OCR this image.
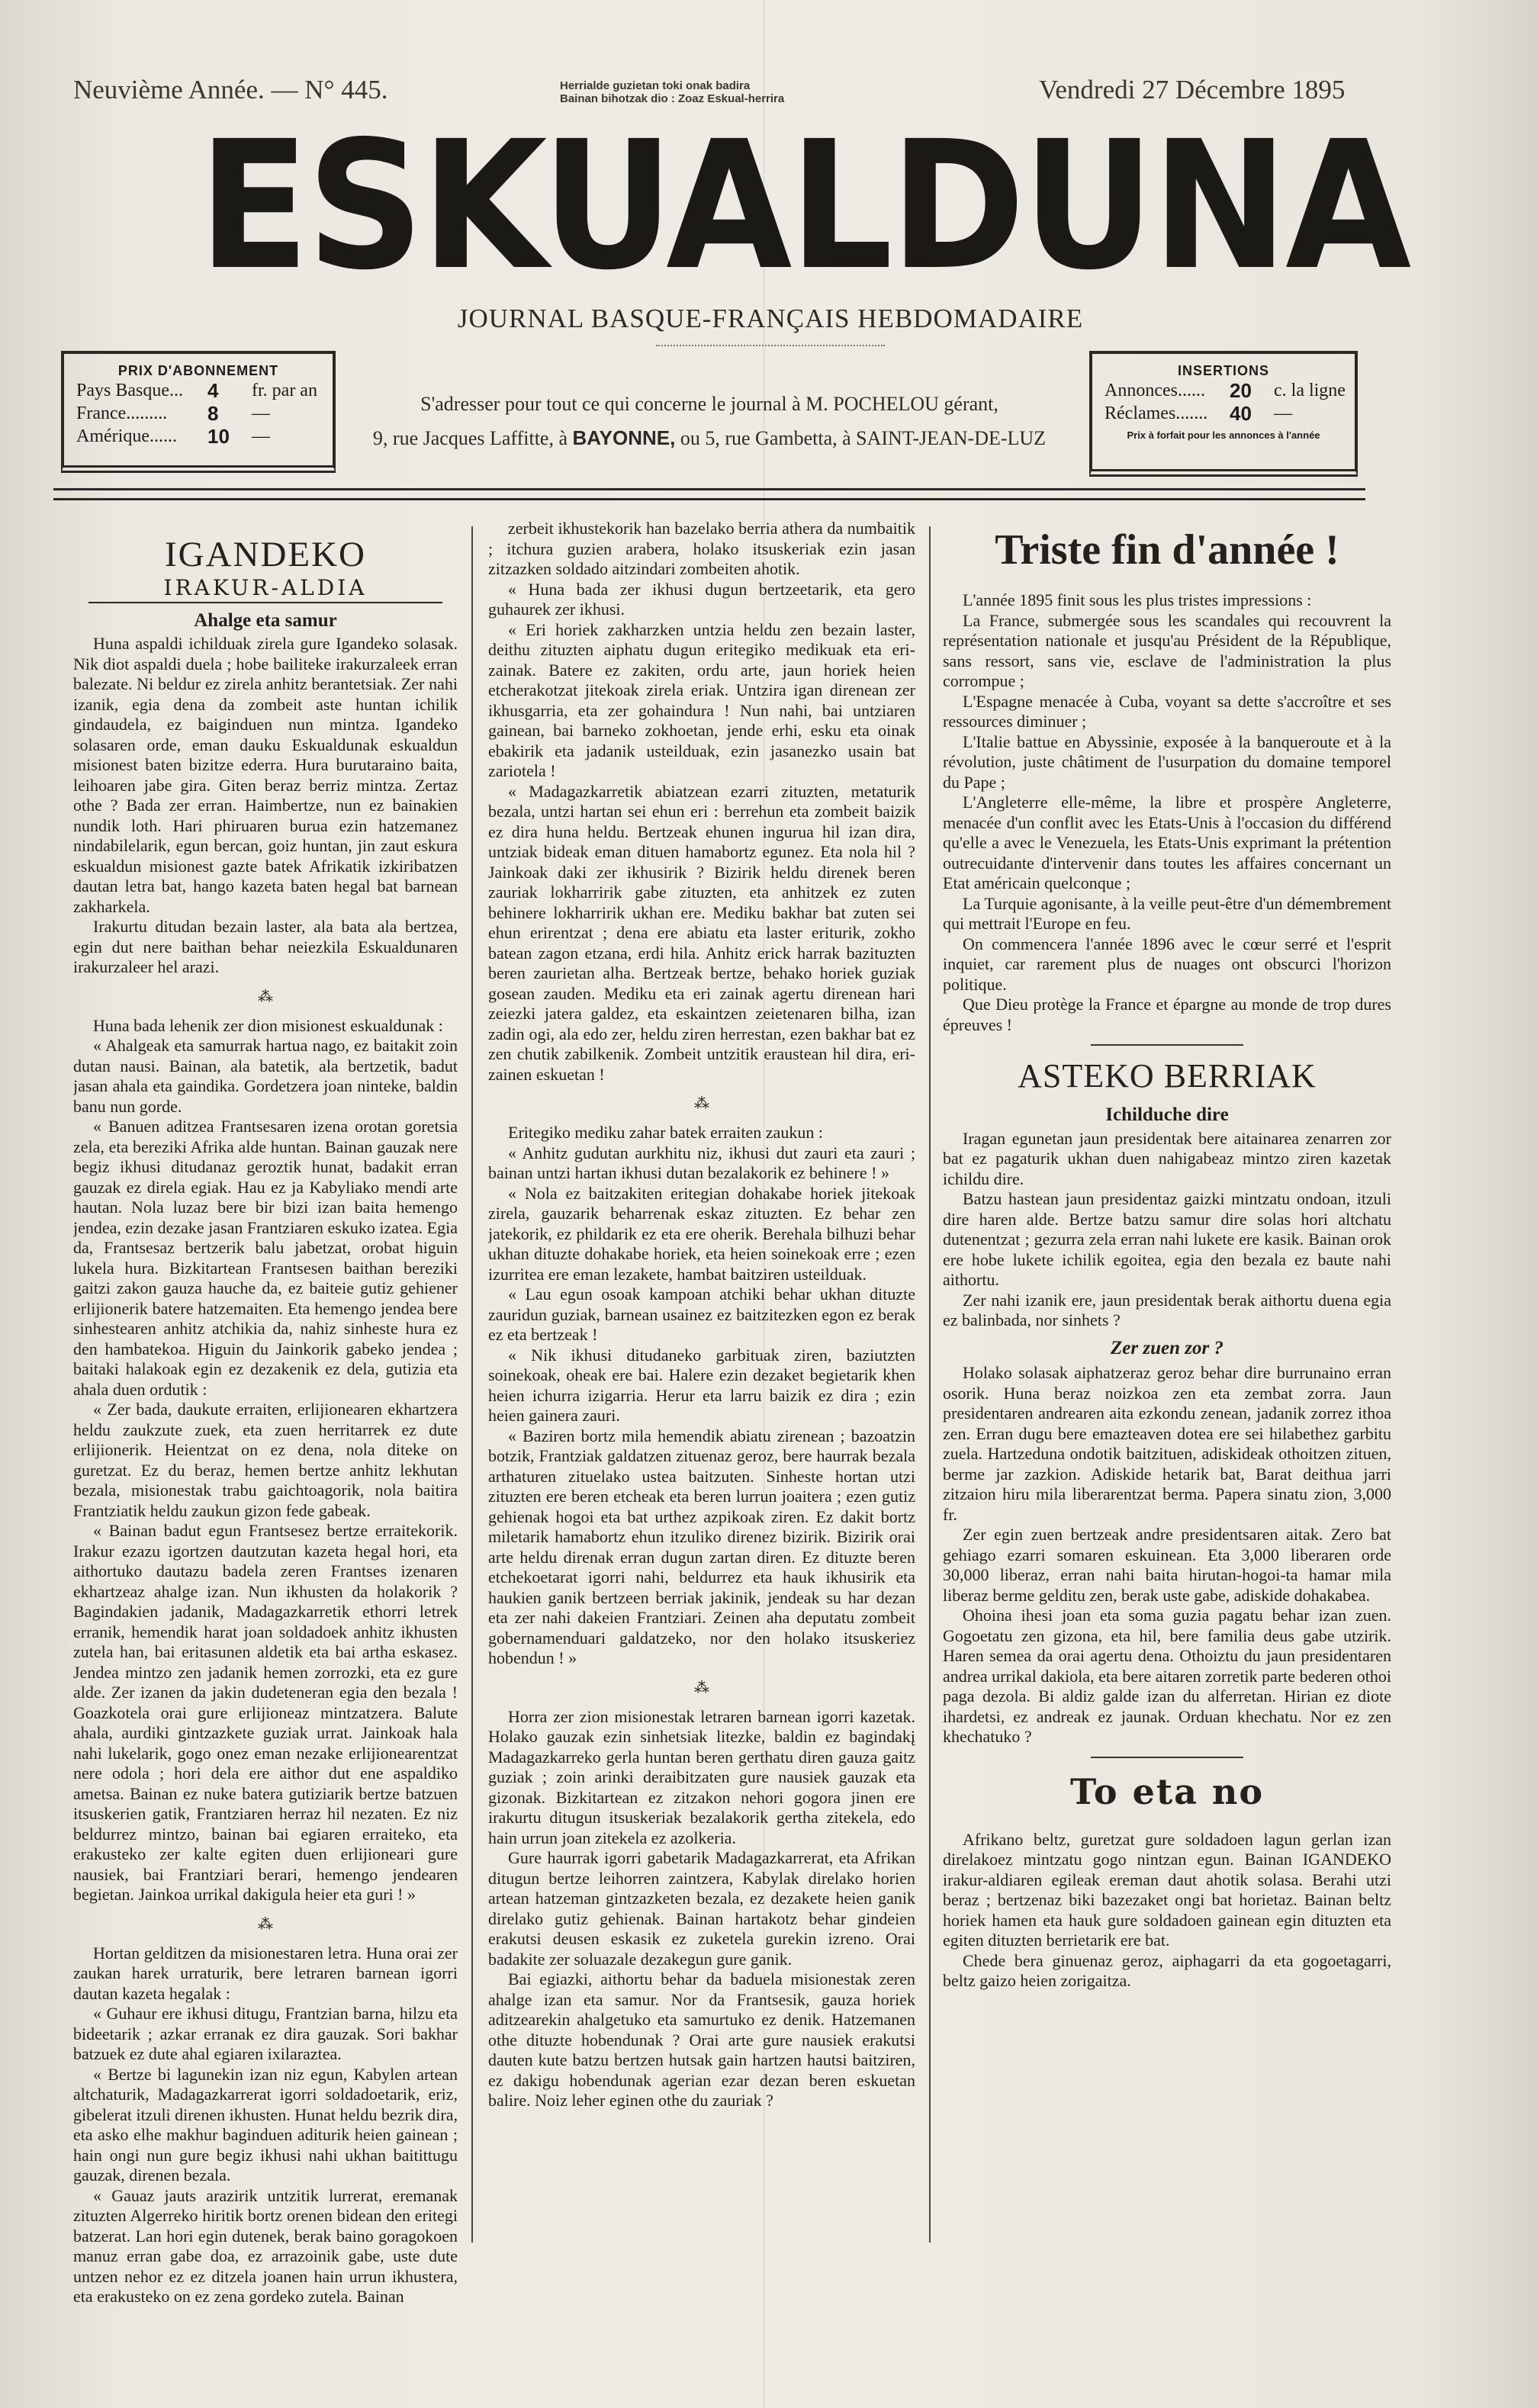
Neuvième Année. — N° 445.	Herrialde guzietan toki onak badira
Bainan bihotzak dio : Zoaz Eskual-herrira	Vendredi 27 Décembre 1895
ESKUALDUNA
JOURNAL BASQUE-FRANÇAIS HEBDOMADAIRE
PRIX D'ABONNEMENT
Pays Basque...	4	fr. par an
France.........	8	—
Amérique......	10	—
S'adresser pour tout ce qui concerne le journal à M. POCHELOU gérant,
9, rue Jacques Laffitte, à BAYONNE, ou 5, rue Gambetta, à SAINT-JEAN-DE-LUZ
INSERTIONS
Annonces......	20	c. la ligne
Réclames.......	40	—
Prix à forfait pour les annonces à l'année
IGANDEKO
IRAKUR-ALDIA
Ahalge eta samur

Huna aspaldi ichilduak zirela gure Igandeko solasak. Nik diot aspaldi duela ; hobe bailiteke irakurzaleek erran balezate. Ni beldur ez zirela anhitz berantetsiak. Zer nahi izanik, egia dena da zombeit aste huntan ichilik gindaudela, ez baiginduen nun mintza. Igandeko solasaren orde, eman dauku Eskualdunak eskualdun misionest baten bizitze ederra. Hura burutaraino baita, leihoaren jabe gira. Giten beraz berriz mintza. Zertaz othe ? Bada zer erran. Haimbertze, nun ez bainakien nundik loth. Hari phiruaren burua ezin hatzemanez nindabilelarik, egun bercan, goiz huntan, jin zaut eskura eskualdun misionest gazte batek Afrikatik izkiribatzen dautan letra bat, hango kazeta baten hegal bat barnean zakharkela.

Irakurtu ditudan bezain laster, ala bata ala bertzea, egin dut nere baithan behar neiezkila Eskualdunaren irakurzaleer hel arazi.

⁂

Huna bada lehenik zer dion misionest eskualdunak :

« Ahalgeak eta samurrak hartua nago, ez baitakit zoin dutan nausi. Bainan, ala batetik, ala bertzetik, badut jasan ahala eta gaindika. Gordetzera joan ninteke, baldin banu nun gorde.

« Banuen aditzea Frantsesaren izena orotan goretsia zela, eta bereziki Afrika alde huntan. Bainan gauzak nere begiz ikhusi ditudanaz geroztik hunat, badakit erran gauzak ez direla egiak. Hau ez ja Kabyliako mendi arte hautan. Nola luzaz bere bir bizi izan baita hemengo jendea, ezin dezake jasan Frantziaren eskuko izatea. Egia da, Frantsesaz bertzerik balu jabetzat, orobat higuin lukela hura. Bizkitartean Frantsesen baithan bereziki gaitzi zakon gauza hauche da, ez baiteie gutiz gehiener erlijionerik batere hatzemaiten. Eta hemengo jendea bere sinhestearen anhitz atchikia da, nahiz sinheste hura ez den hambatekoa. Higuin du Jainkorik gabeko jendea ; baitaki halakoak egin ez dezakenik ez dela, gutizia eta ahala duen ordutik :

« Zer bada, daukute erraiten, erlijionearen ekhartzera heldu zaukzute zuek, eta zuen herritarrek ez dute erlijionerik. Heientzat on ez dena, nola diteke on guretzat. Ez du beraz, hemen bertze anhitz lekhutan bezala, misionestak trabu gaichtoagorik, nola baitira Frantziatik heldu zaukun gizon fede gabeak.

« Bainan badut egun Frantsesez bertze erraitekorik. Irakur ezazu igortzen dautzutan kazeta hegal hori, eta aithortuko dautazu badela zeren Frantses izenaren ekhartzeaz ahalge izan. Nun ikhusten da holakorik ? Bagindakien jadanik, Madagazkarretik ethorri letrek erranik, hemendik harat joan soldadoek anhitz ikhusten zutela han, bai eritasunen aldetik eta bai artha eskasez. Jendea mintzo zen jadanik hemen zorrozki, eta ez gure alde. Zer izanen da jakin dudeteneran egia den bezala ! Goazkotela orai gure erlijioneaz mintzatzera. Balute ahala, aurdiki gintzazkete guziak urrat. Jainkoak hala nahi lukelarik, gogo onez eman nezake erlijionearentzat nere odola ; hori dela ere aithor dut ene aspaldiko ametsa. Bainan ez nuke batera gutiziarik bertze batzuen itsuskerien gatik, Frantziaren herraz hil nezaten. Ez niz beldurrez mintzo, bainan bai egiaren erraiteko, eta erakusteko zer kalte egiten duen erlijioneari gure nausiek, bai Frantziari berari, hemengo jendearen begietan. Jainkoa urrikal dakigula heier eta guri ! »

⁂

Hortan gelditzen da misionestaren letra. Huna orai zer zaukan harek urraturik, bere letraren barnean igorri dautan kazeta hegalak :

« Guhaur ere ikhusi ditugu, Frantzian barna, hilzu eta bideetarik ; azkar erranak ez dira gauzak. Sori bakhar batzuek ez dute ahal egiaren ixilaraztea.

« Bertze bi lagunekin izan niz egun, Kabylen artean altchaturik, Madagazkarrerat igorri soldadoetarik, eriz, gibelerat itzuli direnen ikhusten. Hunat heldu bezrik dira, eta asko elhe makhur baginduen aditurik heien gainean ; hain ongi nun gure begiz ikhusi nahi ukhan baitittugu gauzak, direnen bezala.

« Gauaz jauts arazirik untzitik lurrerat, eremanak zituzten Algerreko hiritik bortz orenen bidean den eritegi batzerat. Lan hori egin dutenek, berak baino goragokoen manuz erran gabe doa, ez arrazoinik gabe, uste dute untzen nehor ez ez ditzela joanen hain urrun ikhustera, eta erakusteko on ez zena gordeko zutela. Bainan

zerbeit ikhustekorik han bazelako berria athera da numbaitik ; itchura guzien arabera, holako itsuskeriak ezin jasan zitzazken soldado aitzindari zombeiten ahotik.

« Huna bada zer ikhusi dugun bertzeetarik, eta gero guhaurek zer ikhusi.

« Eri horiek zakharzken untzia heldu zen bezain laster, deithu zituzten aiphatu dugun eritegiko medikuak eta eri-zainak. Batere ez zakiten, ordu arte, jaun horiek heien etcherakotzat jitekoak zirela eriak. Untzira igan direnean zer ikhusgarria, eta zer gohaindura ! Nun nahi, bai untziaren gainean, bai barneko zokhoetan, jende erhi, esku eta oinak ebakirik eta jadanik usteilduak, ezin jasanezko usain bat zariotela !

« Madagazkarretik abiatzean ezarri zituzten, metaturik bezala, untzi hartan sei ehun eri : berrehun eta zombeit baizik ez dira huna heldu. Bertzeak ehunen ingurua hil izan dira, untziak bideak eman dituen hamabortz egunez. Eta nola hil ? Jainkoak daki zer ikhusirik ? Bizirik heldu direnek beren zauriak lokharririk gabe zituzten, eta anhitzek ez zuten behinere lokharririk ukhan ere. Mediku bakhar bat zuten sei ehun erirentzat ; dena ere abiatu eta laster eriturik, zokho batean zagon etzana, erdi hila. Anhitz erick harrak bazituzten beren zaurietan alha. Bertzeak bertze, behako horiek guziak gosean zauden. Mediku eta eri zainak agertu direnean hari zeiezki jatera galdez, eta eskaintzen zeietenaren bilha, izan zadin ogi, ala edo zer, heldu ziren herrestan, ezen bakhar bat ez zen chutik zabilkenik. Zombeit untzitik eraustean hil dira, eri-zainen eskuetan !

⁂

Eritegiko mediku zahar batek erraiten zaukun :

« Anhitz gudutan aurkhitu niz, ikhusi dut zauri eta zauri ; bainan untzi hartan ikhusi dutan bezalakorik ez behinere ! »

« Nola ez baitzakiten eritegian dohakabe horiek jitekoak zirela, gauzarik beharrenak eskaz zituzten. Ez behar zen jatekorik, ez phildarik ez eta ere oherik. Berehala bilhuzi behar ukhan dituzte dohakabe horiek, eta heien soinekoak erre ; ezen izurritea ere eman lezakete, hambat baitziren usteilduak.

« Lau egun osoak kampoan atchiki behar ukhan dituzte zauridun guziak, barnean usainez ez baitzitezken egon ez berak ez eta bertzeak !

« Nik ikhusi ditudaneko garbituak ziren, baziutzten soinekoak, oheak ere bai. Halere ezin dezaket begietarik khen heien ichurra izigarria. Herur eta larru baizik ez dira ; ezin heien gainera zauri.

« Baziren bortz mila hemendik abiatu zirenean ; bazoatzin botzik, Frantziak galdatzen zituenaz geroz, bere haurrak bezala arthaturen zituelako ustea baitzuten. Sinheste hortan utzi zituzten ere beren etcheak eta beren lurrun joaitera ; ezen gutiz gehienak hogoi eta bat urthez azpikoak ziren. Ez dakit bortz miletarik hamabortz ehun itzuliko direnez bizirik. Bizirik orai arte heldu direnak erran dugun zartan diren. Ez dituzte beren etchekoetarat igorri nahi, beldurrez eta hauk ikhusirik eta haukien ganik bertzeen berriak jakinik, jendeak su har dezan eta zer nahi dakeien Frantziari. Zeinen aha deputatu zombeit gobernamenduari galdatzeko, nor den holako itsuskeriez hobendun ! »

⁂

Horra zer zion misionestak letraren barnean igorri kazetak. Holako gauzak ezin sinhetsiak litezke, baldin ez bagindakį Madagazkarreko gerla huntan beren gerthatu diren gauza gaitz guziak ; zoin arinki deraibitzaten gure nausiek gauzak eta gizonak. Bizkitartean ez zitzakon nehori gogora jinen ere irakurtu ditugun itsuskeriak bezalakorik gertha zitekela, edo hain urrun joan zitekela ez azolkeria.

Gure haurrak igorri gabetarik Madagazkarrerat, eta Afrikan ditugun bertze leihorren zaintzera, Kabylak direlako horien artean hatzeman gintzazketen bezala, ez dezakete heien ganik direlako gutiz gehienak. Bainan hartakotz behar gindeien erakutsi deusen eskasik ez zuketela gurekin izreno. Orai badakite zer soluazale dezakegun gure ganik.

Bai egiazki, aithortu behar da baduela misionestak zeren ahalge izan eta samur. Nor da Frantsesik, gauza horiek aditzearekin ahalgetuko eta samurtuko ez denik. Hatzemanen othe dituzte hobendunak ? Orai arte gure nausiek erakutsi dauten kute batzu bertzen hutsak gain hartzen hautsi baitziren, ez dakigu hobendunak agerian ezar dezan beren eskuetan balire. Noiz leher eginen othe du zauriak ?

Triste fin d'année !

L'année 1895 finit sous les plus tristes impressions :

La France, submergée sous les scandales qui recouvrent la représentation nationale et jusqu'au Président de la République, sans ressort, sans vie, esclave de l'administration la plus corrompue ;

L'Espagne menacée à Cuba, voyant sa dette s'accroître et ses ressources diminuer ;

L'Italie battue en Abyssinie, exposée à la banqueroute et à la révolution, juste châtiment de l'usurpation du domaine temporel du Pape ;

L'Angleterre elle-même, la libre et prospère Angleterre, menacée d'un conflit avec les Etats-Unis à l'occasion du différend qu'elle a avec le Venezuela, les Etats-Unis exprimant la prétention outrecuidante d'intervenir dans toutes les affaires concernant un Etat américain quelconque ;

La Turquie agonisante, à la veille peut-être d'un démembrement qui mettrait l'Europe en feu.

On commencera l'année 1896 avec le cœur serré et l'esprit inquiet, car rarement plus de nuages ont obscurci l'horizon politique.

Que Dieu protège la France et épargne au monde de trop dures épreuves !

ASTEKO BERRIAK
Ichilduche dire

Iragan egunetan jaun presidentak bere aitainarea zenarren zor bat ez pagaturik ukhan duen nahigabeaz mintzo ziren kazetak ichildu dire.

Batzu hastean jaun presidentaz gaizki mintzatu ondoan, itzuli dire haren alde. Bertze batzu samur dire solas hori altchatu dutenentzat ; gezurra zela erran nahi lukete ere kasik. Bainan orok ere hobe lukete ichilik egoitea, egia den bezala ez baute nahi aithortu.

Zer nahi izanik ere, jaun presidentak berak aithortu duena egia ez balinbada, nor sinhets ?

Zer zuen zor ?

Holako solasak aiphatzeraz geroz behar dire burrunaino erran osorik. Huna beraz noizkoa zen eta zembat zorra. Jaun presidentaren andrearen aita ezkondu zenean, jadanik zorrez ithoa zen. Erran dugu bere emazteaven dotea ere sei hilabethez garbitu zuela. Hartzeduna ondotik baitzituen, adiskideak othoitzen zituen, berme jar zazkion. Adiskide hetarik bat, Barat deithua jarri zitzaion hiru mila liberarentzat berma. Papera sinatu zion, 3,000 fr.

Zer egin zuen bertzeak andre presidentsaren aitak. Zero bat gehiago ezarri somaren eskuinean. Eta 3,000 liberaren orde 30,000 liberaz, erran nahi baita hirutan-hogoi-ta hamar mila liberaz berme gelditu zen, berak uste gabe, adiskide dohakabea.

Ohoina ihesi joan eta soma guzia pagatu behar izan zuen. Gogoetatu zen gizona, eta hil, bere familia deus gabe utzirik. Haren semea da orai agertu dena. Othoiztu du jaun presidentaren andrea urrikal dakiola, eta bere aitaren zorretik parte bederen othoi paga dezola. Bi aldiz galde izan du alferretan. Hirian ez diote ihardetsi, ez andreak ez jaunak. Orduan khechatu. Nor ez zen khechatuko ?

To eta no

Afrikano beltz, guretzat gure soldadoen lagun gerlan izan direlakoez mintzatu gogo nintzan egun. Bainan IGANDEKO irakur-aldiaren egileak ereman daut ahotik solasa. Berahi utzi beraz ; bertzenaz biki bazezaket ongi bat horietaz. Bainan beltz horiek hamen eta hauk gure soldadoen gainean egin dituzten eta egiten dituzten berrietarik ere bat.

Chede bera ginuenaz geroz, aiphagarri da eta gogoetagarri, beltz gaizo heien zorigaitza.
